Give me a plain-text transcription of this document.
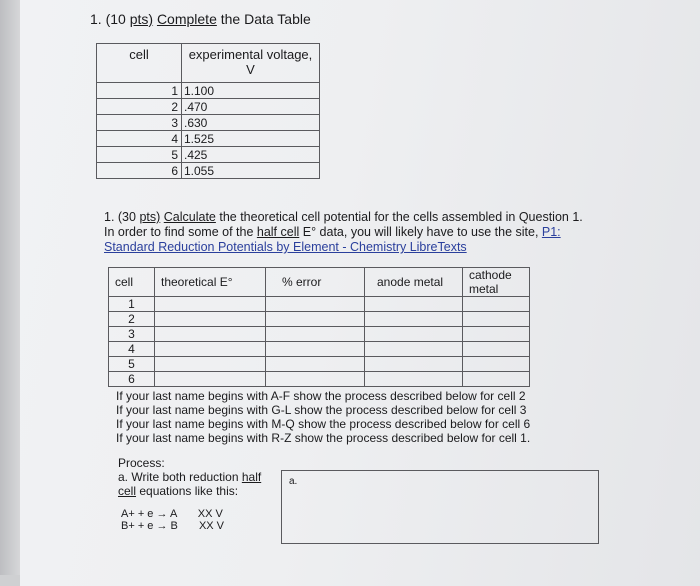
1. (10 pts) Complete the Data Table
cell	experimental voltage,
V
1	1.100
2	.470
3	.630
4	1.525
5	.425
6	1.055
1. (30 pts) Calculate the theoretical cell potential for the cells assembled in Question 1.
In order to find some of the half cell E° data, you will likely have to use the site, P1:
Standard Reduction Potentials by Element - Chemistry LibreTexts
cell	theoretical E°	% error	anode metal	cathode metal
1				
2				
3				
4				
5				
6				
If your last name begins with A-F show the process described below for cell 2
If your last name begins with G-L show the process described below for cell 3
If your last name begins with M-Q show the process described below for cell 6
If your last name begins with R-Z show the process described below for cell 1.
Process:
a. Write both reduction half
cell equations like this:
a.
A+ + e → A XX V
B+ + e → B XX V
